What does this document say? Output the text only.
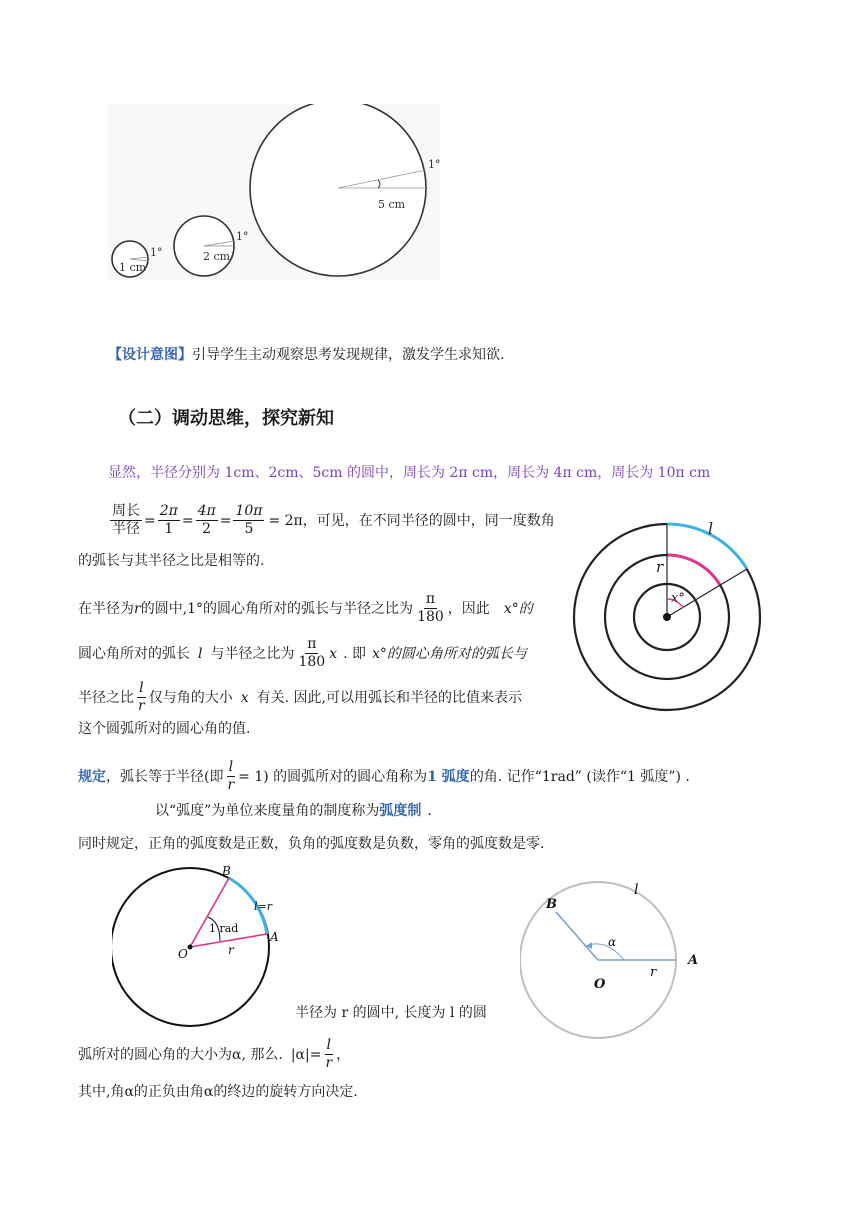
1 cm
1°	2 cm
1°
5 cm
1°
【设计意图】引导学生主动观察思考发现规律，激发学生求知欲.
（二）调动思维，探究新知
显然，半径分别为 1cm、2cm、5cm 的圆中，周长为 2π cm，周长为 4π cm，周长为 10π cm
$\frac{\text{周长}}{\text{半径}} = \frac{2\pi}{1} = \frac{4\pi}{2} = \frac{10\pi}{5} = 2\pi$ ，可见，在不同半径的圆中，同一度数角
的弧长与其半径之比是相等的.
在半径为 r 的圆中,1°的圆心角所对的弧长与半径之比为 $\frac{\pi}{180}$ ，因此 x°的
圆心角所对的弧长 l 与半径之比为 $\frac{\pi}{180}$ x . 即 x°的圆心角所对的弧长与
半径之比 $\frac{l}{r}$ 仅与角的大小 x 有关. 因此,可以用弧长和半径的比值来表示
这个圆弧所对的圆心角的值.
l
r
x°
规定 ，弧长等于半径(即 $\frac{l}{r} = 1$ ) 的圆弧所对的圆心角称为 1 弧度 的角. 记作“1rad” (读作“1 弧度”) .
以“弧度”为单位来度量角的制度称为弧度制 .
同时规定，正角的弧度数是正数，负角的弧度数是负数，零角的弧度数是零.
B
l=r
1 rad
A
O	r
B
l
α
A
O
r
半径为 r 的圆中, 长度为 l 的圆
弧所对的圆心角的大小为α, 那么. $|\alpha|= \frac{l}{r}$ ，
其中,角α的正负由角α的终边的旋转方向决定.
